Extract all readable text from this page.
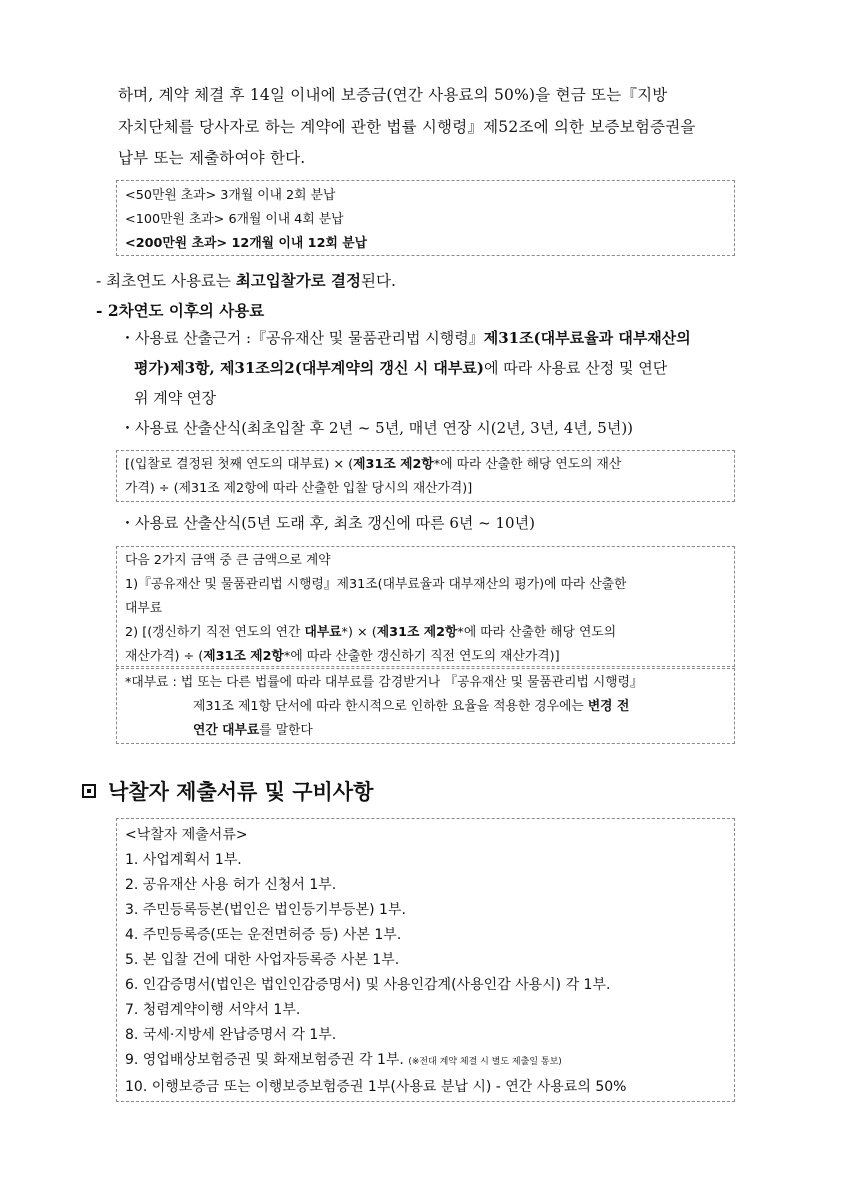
하며, 계약 체결 후 14일 이내에 보증금(연간 사용료의 50%)을 현금 또는『지방
자치단체를 당사자로 하는 계약에 관한 법률 시행령』제52조에 의한 보증보험증권을
납부 또는 제출하여야 한다.
<50만원 초과> 3개월 이내 2회 분납
<100만원 초과> 6개월 이내 4회 분납
<200만원 초과> 12개월 이내 12회 분납
- 최초연도 사용료는 최고입찰가로 결정된다.
- 2차연도 이후의 사용료
・사용료 산출근거 :『공유재산 및 물품관리법 시행령』제31조(대부료율과 대부재산의
평가)제3항, 제31조의2(대부계약의 갱신 시 대부료)에 따라 사용료 산정 및 연단
위 계약 연장
・사용료 산출산식(최초입찰 후 2년 ~ 5년, 매년 연장 시(2년, 3년, 4년, 5년))
[(입찰로 결정된 첫째 연도의 대부료) × (제31조 제2항*에 따라 산출한 해당 연도의 재산
가격) ÷ (제31조 제2항에 따라 산출한 입찰 당시의 재산가격)]
・사용료 산출산식(5년 도래 후, 최초 갱신에 따른 6년 ~ 10년)
다음 2가지 금액 중 큰 금액으로 계약
1)『공유재산 및 물품관리법 시행령』제31조(대부료율과 대부재산의 평가)에 따라 산출한
대부료
2) [(갱신하기 직전 연도의 연간 대부료*) × (제31조 제2항*에 따라 산출한 해당 연도의
재산가격) ÷ (제31조 제2항*에 따라 산출한 갱신하기 직전 연도의 재산가격)]
*대부료 : 법 또는 다른 법률에 따라 대부료를 감경받거나 『공유재산 및 물품관리법 시행령』
제31조 제1항 단서에 따라 한시적으로 인하한 요율을 적용한 경우에는 변경 전
연간 대부료를 말한다
낙찰자 제출서류 및 구비사항
<낙찰자 제출서류>
1. 사업계획서 1부.
2. 공유재산 사용 허가 신청서 1부.
3. 주민등록등본(법인은 법인등기부등본) 1부.
4. 주민등록증(또는 운전면허증 등) 사본 1부.
5. 본 입찰 건에 대한 사업자등록증 사본 1부.
6. 인감증명서(법인은 법인인감증명서) 및 사용인감계(사용인감 사용시) 각 1부.
7. 청렴계약이행 서약서 1부.
8. 국세·지방세 완납증명서 각 1부.
9. 영업배상보험증권 및 화재보험증권 각 1부. (※전대 계약 체결 시 별도 제출일 통보)
10. 이행보증금 또는 이행보증보험증권 1부(사용료 분납 시) - 연간 사용료의 50%
